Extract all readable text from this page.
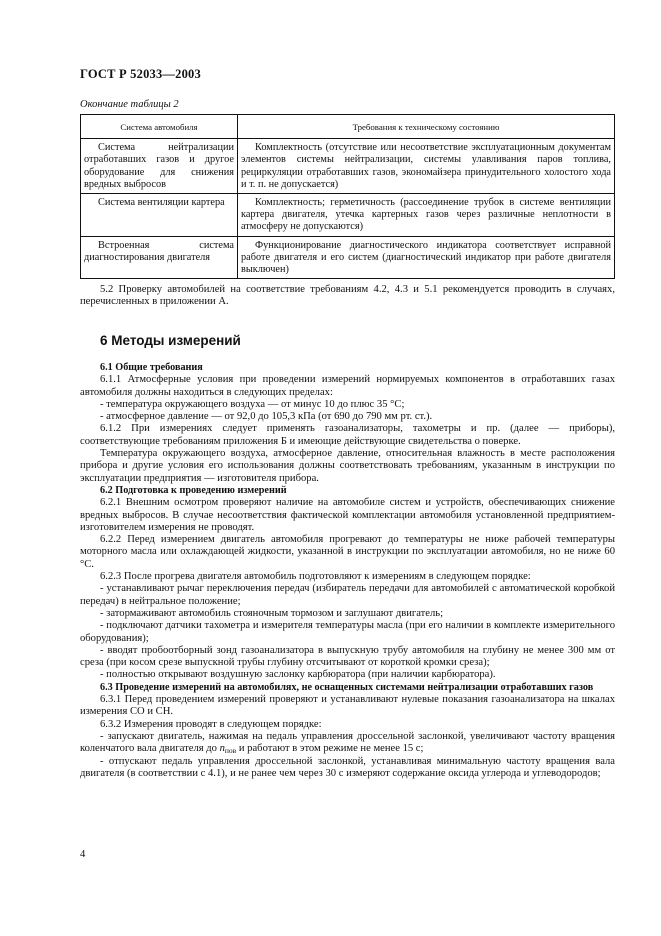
ГОСТ Р 52033—2003
Окончание таблицы 2
Система автомобиля	Требования к техническому состоянию

Система нейтрализации отработавших газов и другое оборудование для снижения вредных выбросов	Комплектность (отсутствие или несоответствие эксплуатационным документам элементов системы нейтрализации, системы улавливания паров топлива, рециркуляции отработавших газов, экономайзера принудительного холостого хода и т. п. не допускается)

Система вентиляции картера	Комплектность; герметичность (рассоединение трубок в системе вентиляции картера двигателя, утечка картерных газов через различные неплотности в атмосферу не допускаются)

Встроенная система диагностирования двигателя	Функционирование диагностического индикатора соответствует исправной работе двигателя и его систем (диагностический индикатор при работе двигателя выключен)

5.2 Проверку автомобилей на соответствие требованиям 4.2, 4.3 и 5.1 рекомендуется проводить в случаях, перечисленных в приложении А.

6 Методы измерений

6.1 Общие требования

6.1.1 Атмосферные условия при проведении измерений нормируемых компонентов в отработавших газах автомобиля должны находиться в следующих пределах:

- температура окружающего воздуха — от минус 10 до плюс 35 °С;

- атмосферное давление — от 92,0 до 105,3 кПа (от 690 до 790 мм рт. ст.).

6.1.2 При измерениях следует применять газоанализаторы, тахометры и пр. (далее — приборы), соответствующие требованиям приложения Б и имеющие действующие свидетельства о поверке.

Температура окружающего воздуха, атмосферное давление, относительная влажность в месте расположения прибора и другие условия его использования должны соответствовать требованиям, указанным в инструкции по эксплуатации предприятия — изготовителя прибора.

6.2 Подготовка к проведению измерений

6.2.1 Внешним осмотром проверяют наличие на автомобиле систем и устройств, обеспечивающих снижение вредных выбросов. В случае несоответствия фактической комплектации автомобиля установленной предприятием-изготовителем измерения не проводят.

6.2.2 Перед измерением двигатель автомобиля прогревают до температуры не ниже рабочей температуры моторного масла или охлаждающей жидкости, указанной в инструкции по эксплуатации автомобиля, но не ниже 60 °С.

6.2.3 После прогрева двигателя автомобиль подготовляют к измерениям в следующем порядке:

- устанавливают рычаг переключения передач (избиратель передачи для автомобилей с автоматической коробкой передач) в нейтральное положение;

- затормаживают автомобиль стояночным тормозом и заглушают двигатель;

- подключают датчики тахометра и измерителя температуры масла (при его наличии в комплекте измерительного оборудования);

- вводят пробоотборный зонд газоанализатора в выпускную трубу автомобиля на глубину не менее 300 мм от среза (при косом срезе выпускной трубы глубину отсчитывают от короткой кромки среза);

- полностью открывают воздушную заслонку карбюратора (при наличии карбюратора).

6.3 Проведение измерений на автомобилях, не оснащенных системами нейтрализации отработавших газов

6.3.1 Перед проведением измерений проверяют и устанавливают нулевые показания газоанализатора на шкалах измерения СО и СН.

6.3.2 Измерения проводят в следующем порядке:

- запускают двигатель, нажимая на педаль управления дроссельной заслонкой, увеличивают частоту вращения коленчатого вала двигателя до $n_{пов}$ и работают в этом режиме не менее 15 с;

- отпускают педаль управления дроссельной заслонкой, устанавливая минимальную частоту вращения вала двигателя (в соответствии с 4.1), и не ранее чем через 30 с измеряют содержание оксида углерода и углеводородов;

4
